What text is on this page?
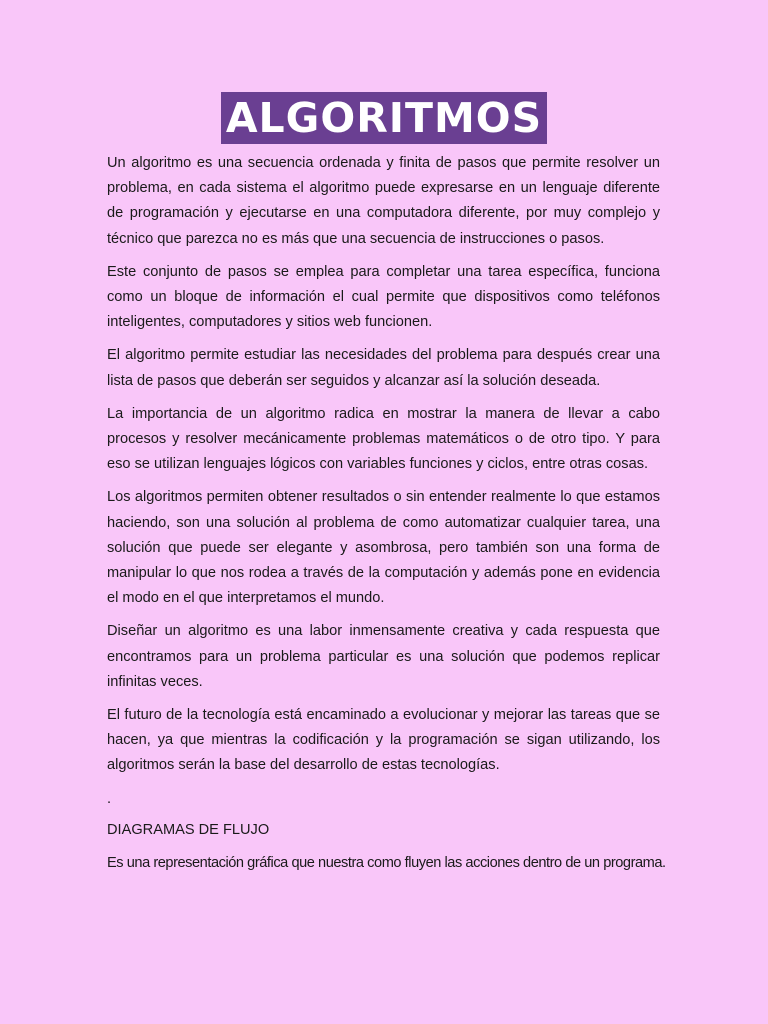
ALGORITMOS

Un algoritmo es una secuencia ordenada y finita de pasos que permite resolver un problema, en cada sistema el algoritmo puede expresarse en un lenguaje diferente de programación y ejecutarse en una computadora diferente, por muy complejo y técnico que parezca no es más que una secuencia de instrucciones o pasos.

Este conjunto de pasos se emplea para completar una tarea específica, funciona como un bloque de información el cual permite que dispositivos como teléfonos inteligentes, computadores y sitios web funcionen.

El algoritmo permite estudiar las necesidades del problema para después crear una lista de pasos que deberán ser seguidos y alcanzar así la solución deseada.

La importancia de un algoritmo radica en mostrar la manera de llevar a cabo procesos y resolver mecánicamente problemas matemáticos o de otro tipo. Y para eso se utilizan lenguajes lógicos con variables funciones y ciclos, entre otras cosas.

Los algoritmos permiten obtener resultados o sin entender realmente lo que estamos haciendo, son una solución al problema de como automatizar cualquier tarea, una solución que puede ser elegante y asombrosa, pero también son una forma de manipular lo que nos rodea a través de la computación y además pone en evidencia el modo en el que interpretamos el mundo.

Diseñar un algoritmo es una labor inmensamente creativa y cada respuesta que encontramos para un problema particular es una solución que podemos replicar infinitas veces.

El futuro de la tecnología está encaminado a evolucionar y mejorar las tareas que se hacen, ya que mientras la codificación y la programación se sigan utilizando, los algoritmos serán la base del desarrollo de estas tecnologías.

.

DIAGRAMAS DE FLUJO

Es una representación gráfica que nuestra como fluyen las acciones dentro de un programa.
